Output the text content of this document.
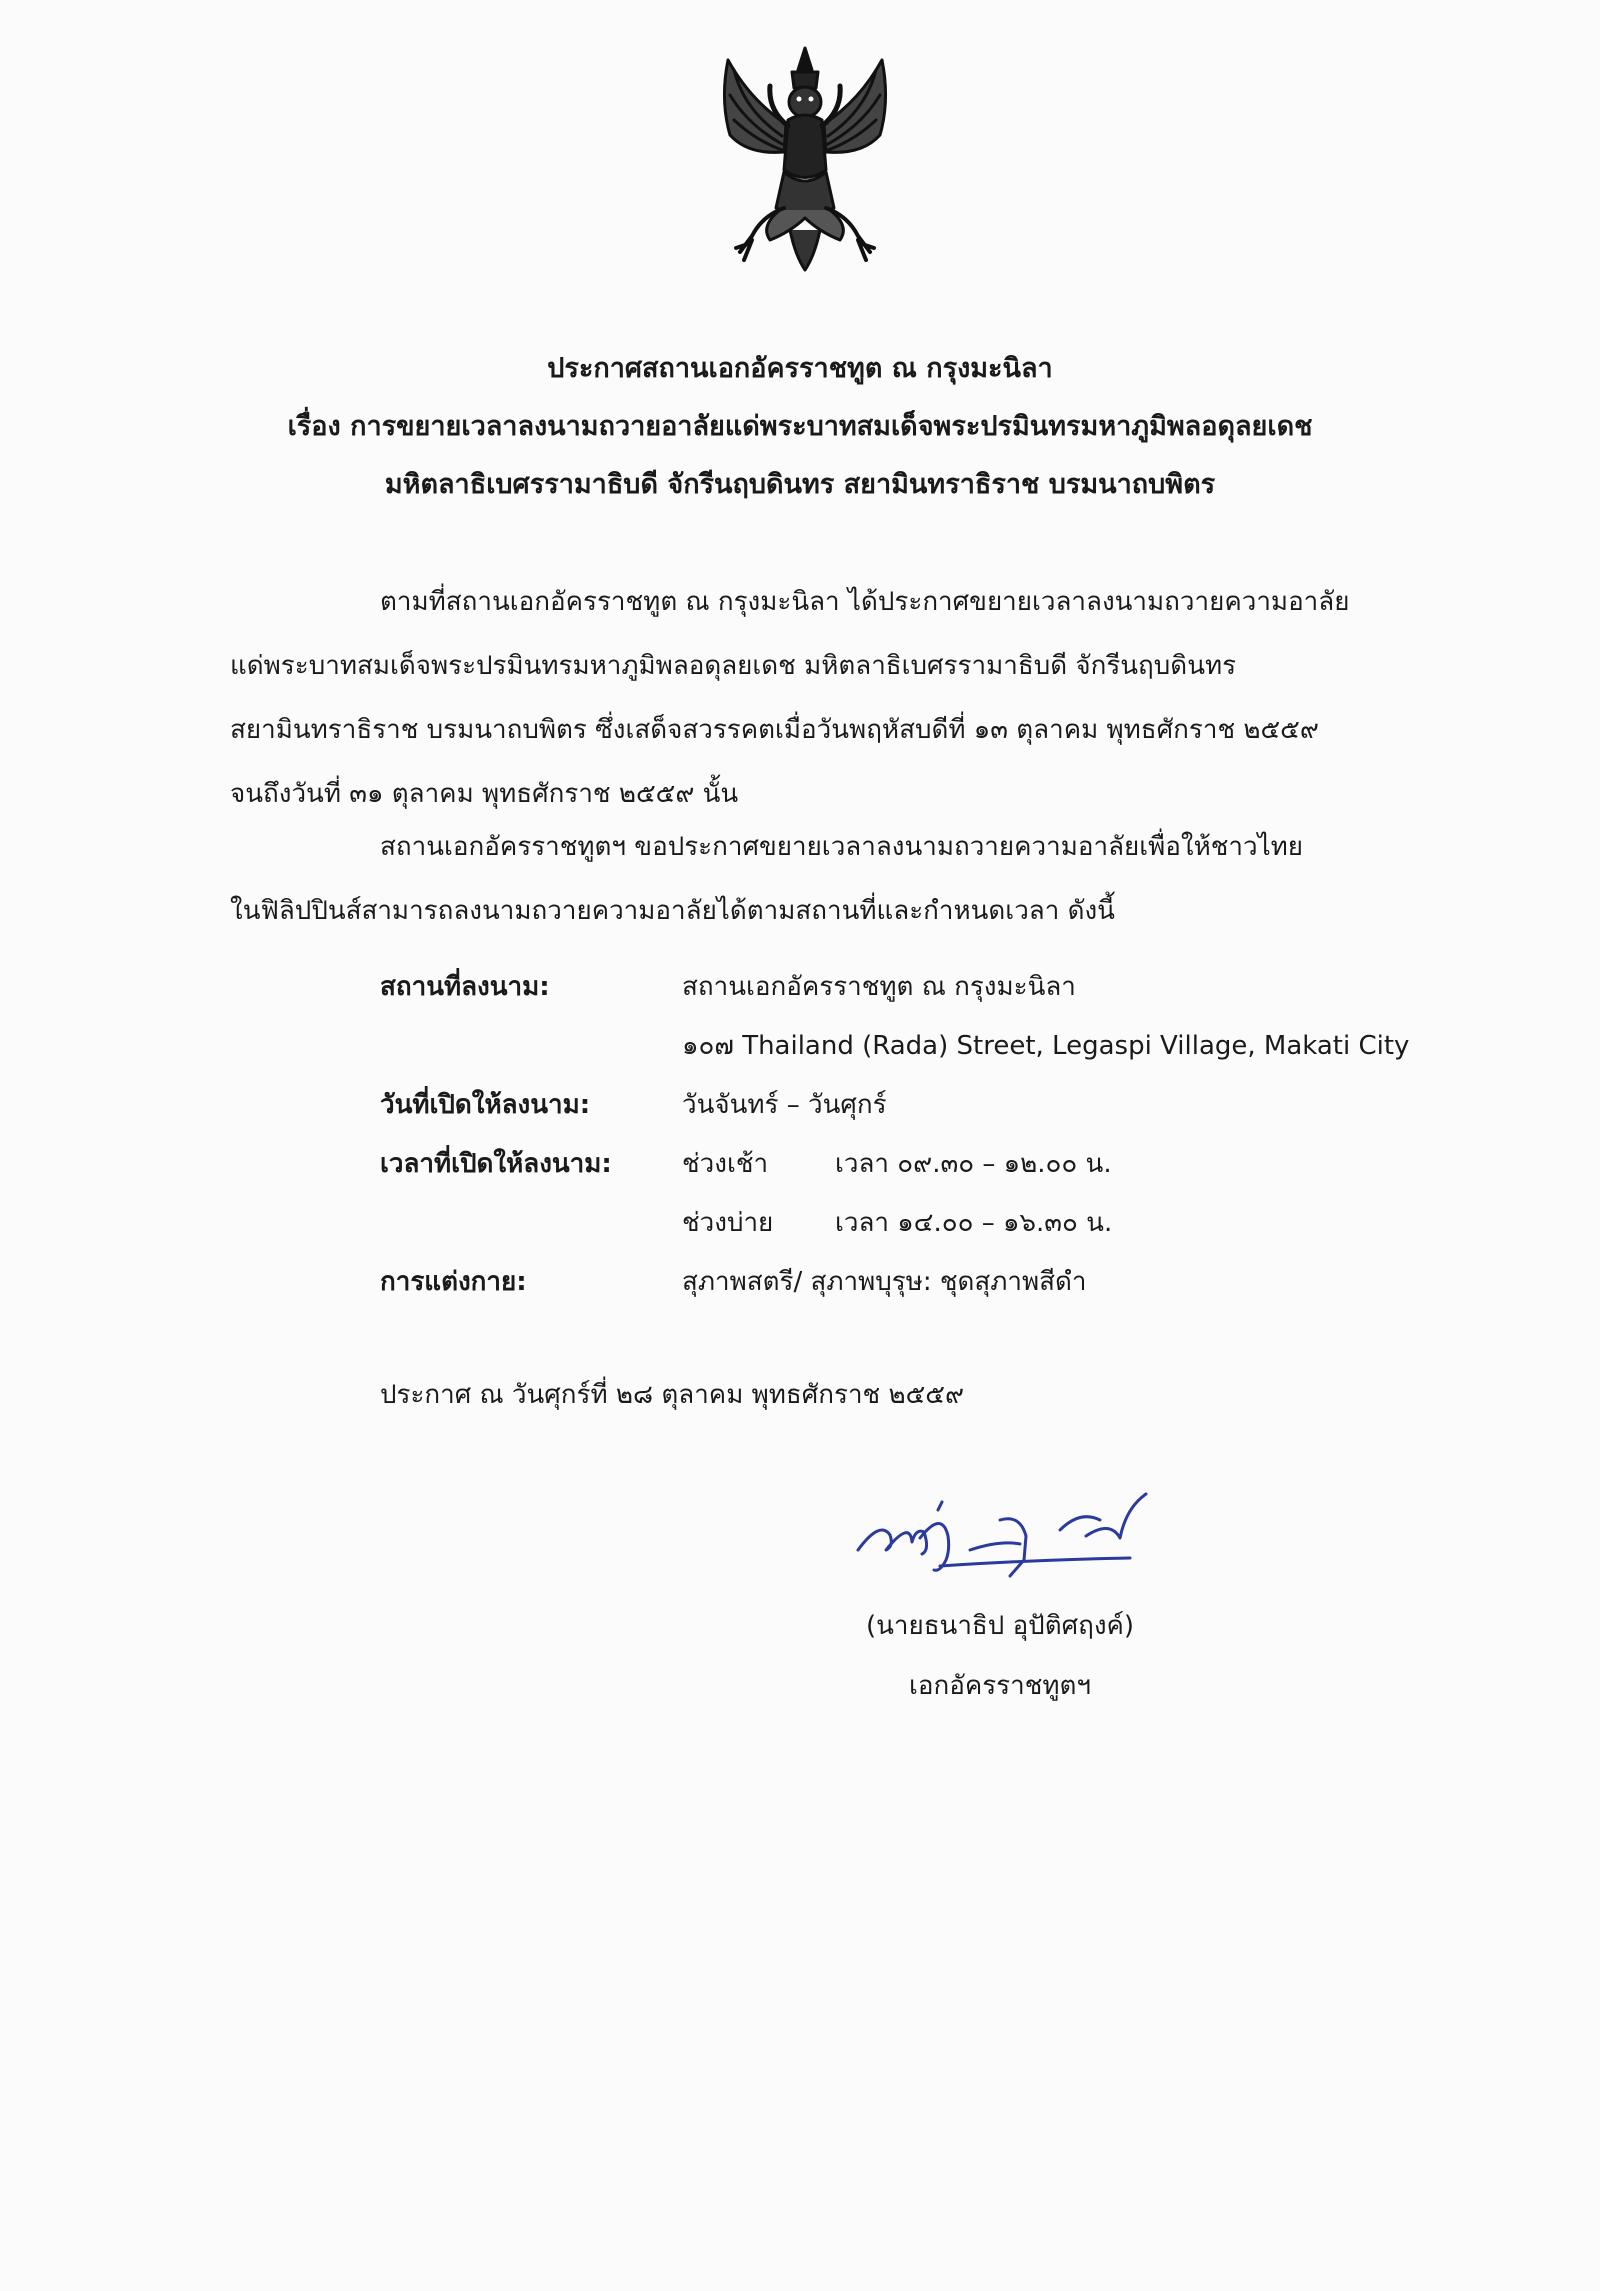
ประกาศสถานเอกอัครราชทูต ณ กรุงมะนิลา
เรื่อง การขยายเวลาลงนามถวายอาลัยแด่พระบาทสมเด็จพระปรมินทรมหาภูมิพลอดุลยเดช
มหิตลาธิเบศรรามาธิบดี จักรีนฤบดินทร สยามินทราธิราช บรมนาถบพิตร
ตามที่สถานเอกอัครราชทูต ณ กรุงมะนิลา ได้ประกาศขยายเวลาลงนามถวายความอาลัย
แด่พระบาทสมเด็จพระปรมินทรมหาภูมิพลอดุลยเดช มหิตลาธิเบศรรามาธิบดี จักรีนฤบดินทร
สยามินทราธิราช บรมนาถบพิตร ซึ่งเสด็จสวรรคตเมื่อวันพฤหัสบดีที่ ๑๓ ตุลาคม พุทธศักราช ๒๕๕๙
จนถึงวันที่ ๓๑ ตุลาคม พุทธศักราช ๒๕๕๙ นั้น
สถานเอกอัครราชทูตฯ ขอประกาศขยายเวลาลงนามถวายความอาลัยเพื่อให้ชาวไทย
ในฟิลิปปินส์สามารถลงนามถวายความอาลัยได้ตามสถานที่และกำหนดเวลา ดังนี้
สถานที่ลงนาม:	สถานเอกอัครราชทูต ณ กรุงมะนิลา
๑๐๗ Thailand (Rada) Street, Legaspi Village, Makati City
วันที่เปิดให้ลงนาม:	วันจันทร์ – วันศุกร์
เวลาที่เปิดให้ลงนาม:	ช่วงเช้า	เวลา ๐๙.๓๐ – ๑๒.๐๐ น.
ช่วงบ่าย เวลา ๑๔.๐๐ – ๑๖.๓๐ น.
การแต่งกาย:	สุภาพสตรี/ สุภาพบุรุษ: ชุดสุภาพสีดำ
ประกาศ ณ วันศุกร์ที่ ๒๘ ตุลาคม พุทธศักราช ๒๕๕๙
(นายธนาธิป อุปัติศฤงค์)
เอกอัครราชทูตฯ
